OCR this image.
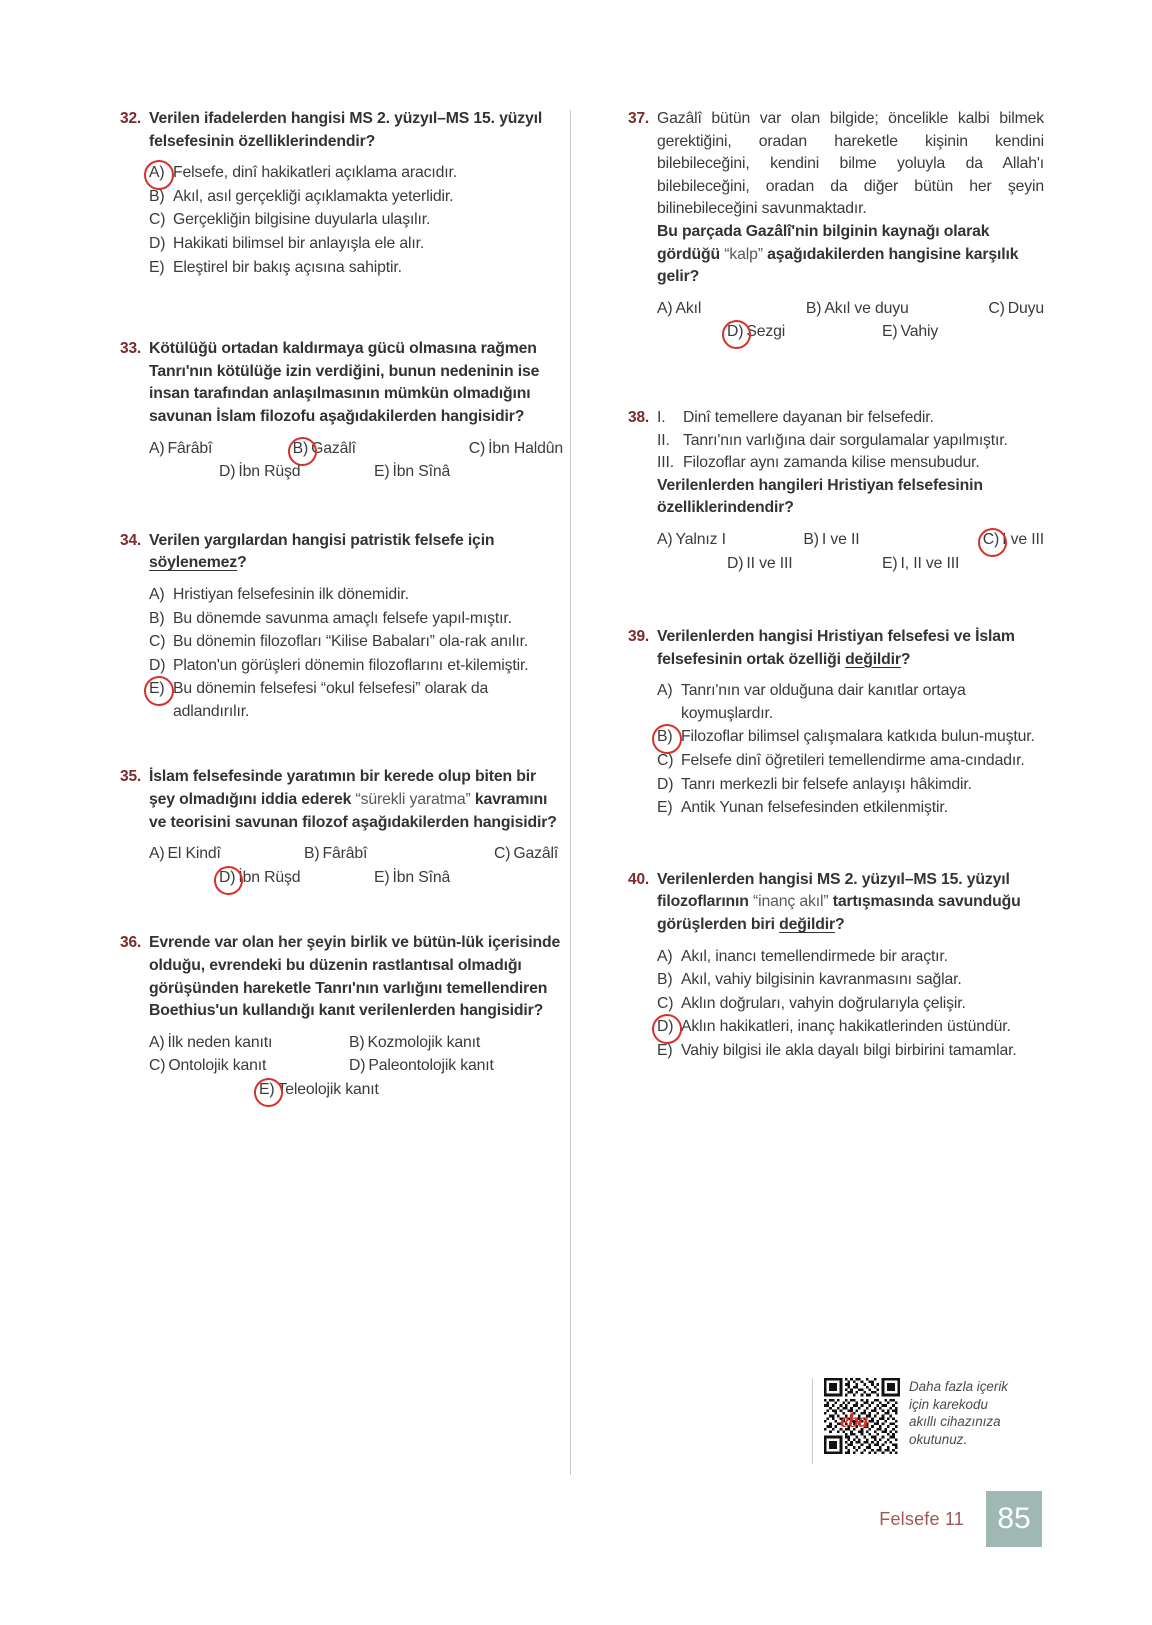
32. Verilen ifadelerden hangisi MS 2. yüzyıl–MS 15. yüzyıl felsefesinin özelliklerindendir?
A) Felsefe, dinî hakikatleri açıklama aracıdır.
B) Akıl, asıl gerçekliği açıklamakta yeterlidir.
C) Gerçekliğin bilgisine duyularla ulaşılır.
D) Hakikati bilimsel bir anlayışla ele alır.
E) Eleştirel bir bakış açısına sahiptir.
33. Kötülüğü ortadan kaldırmaya gücü olmasına rağmen Tanrı'nın kötülüğe izin verdiğini, bunun nedeninin ise insan tarafından anlaşılmasının mümkün olmadığını savunan İslam filozofu aşağıdakilerden hangisidir?
A) Fârâbî	B) Gazâlî	C) İbn Haldûn
D) İbn Rüşd	E) İbn Sînâ
34. Verilen yargılardan hangisi patristik felsefe için söylenemez?
A) Hristiyan felsefesinin ilk dönemidir.
B) Bu dönemde savunma amaçlı felsefe yapıl-mıştır.
C) Bu dönemin filozofları “Kilise Babaları” ola-rak anılır.
D) Platon'un görüşleri dönemin filozoflarını et-kilemiştir.
E) Bu dönemin felsefesi “okul felsefesi” olarak da adlandırılır.
35. İslam felsefesinde yaratımın bir kerede olup biten bir şey olmadığını iddia ederek “sürekli yaratma” kavramını ve teorisini savunan filozof aşağıdakilerden hangisidir?
A) El Kindî	B) Fârâbî	C) Gazâlî
D) İbn Rüşd	E) İbn Sînâ
36. Evrende var olan her şeyin birlik ve bütün-lük içerisinde olduğu, evrendeki bu düzenin rastlantısal olmadığı görüşünden hareketle Tanrı'nın varlığını temellendiren Boethius'un kullandığı kanıt verilenlerden hangisidir?
A) İlk neden kanıtı	B) Kozmolojik kanıt
C) Ontolojik kanıt	D) Paleontolojik kanıt
E) Teleolojik kanıt
37. Gazâlî bütün var olan bilgide; öncelikle kalbi bilmek gerektiğini, oradan hareketle kişinin kendini bilebileceğini, kendini bilme yoluyla da Allah'ı bilebileceğini, oradan da diğer bütün her şeyin bilinebileceğini savunmaktadır.
Bu parçada Gazâlî'nin bilginin kaynağı olarak gördüğü “kalp” aşağıdakilerden hangisine karşılık gelir?
A) Akıl	B) Akıl ve duyu	C) Duyu
D) Sezgi	E) Vahiy
38. I.	Dinî temellere dayanan bir felsefedir.
II. Tanrı'nın varlığına dair sorgulamalar yapılmıştır.
III. Filozoflar aynı zamanda kilise mensubudur.
Verilenlerden hangileri Hristiyan felsefesinin özelliklerindendir?
A) Yalnız I	B) I ve II	C) I ve III
D) II ve III	E) I, II ve III
39. Verilenlerden hangisi Hristiyan felsefesi ve İslam felsefesinin ortak özelliği değildir?
A) Tanrı'nın var olduğuna dair kanıtlar ortaya koymuşlardır.
B) Filozoflar bilimsel çalışmalara katkıda bulun-muştur.
C) Felsefe dinî öğretileri temellendirme ama-cındadır.
D) Tanrı merkezli bir felsefe anlayışı hâkimdir.
E) Antik Yunan felsefesinden etkilenmiştir.
40. Verilenlerden hangisi MS 2. yüzyıl–MS 15. yüzyıl filozoflarının “inanç akıl” tartışmasında savunduğu görüşlerden biri değildir?
A) Akıl, inancı temellendirmede bir araçtır.
B) Akıl, vahiy bilgisinin kavranmasını sağlar.
C) Aklın doğruları, vahyin doğrularıyla çelişir.
D) Aklın hakikatleri, inanç hakikatlerinden üstündür.
E) Vahiy bilgisi ile akla dayalı bilgi birbirini tamamlar.
eba
Daha fazla içerik
için karekodu
akıllı cihazınıza
okutunuz.
Felsefe 11	85
